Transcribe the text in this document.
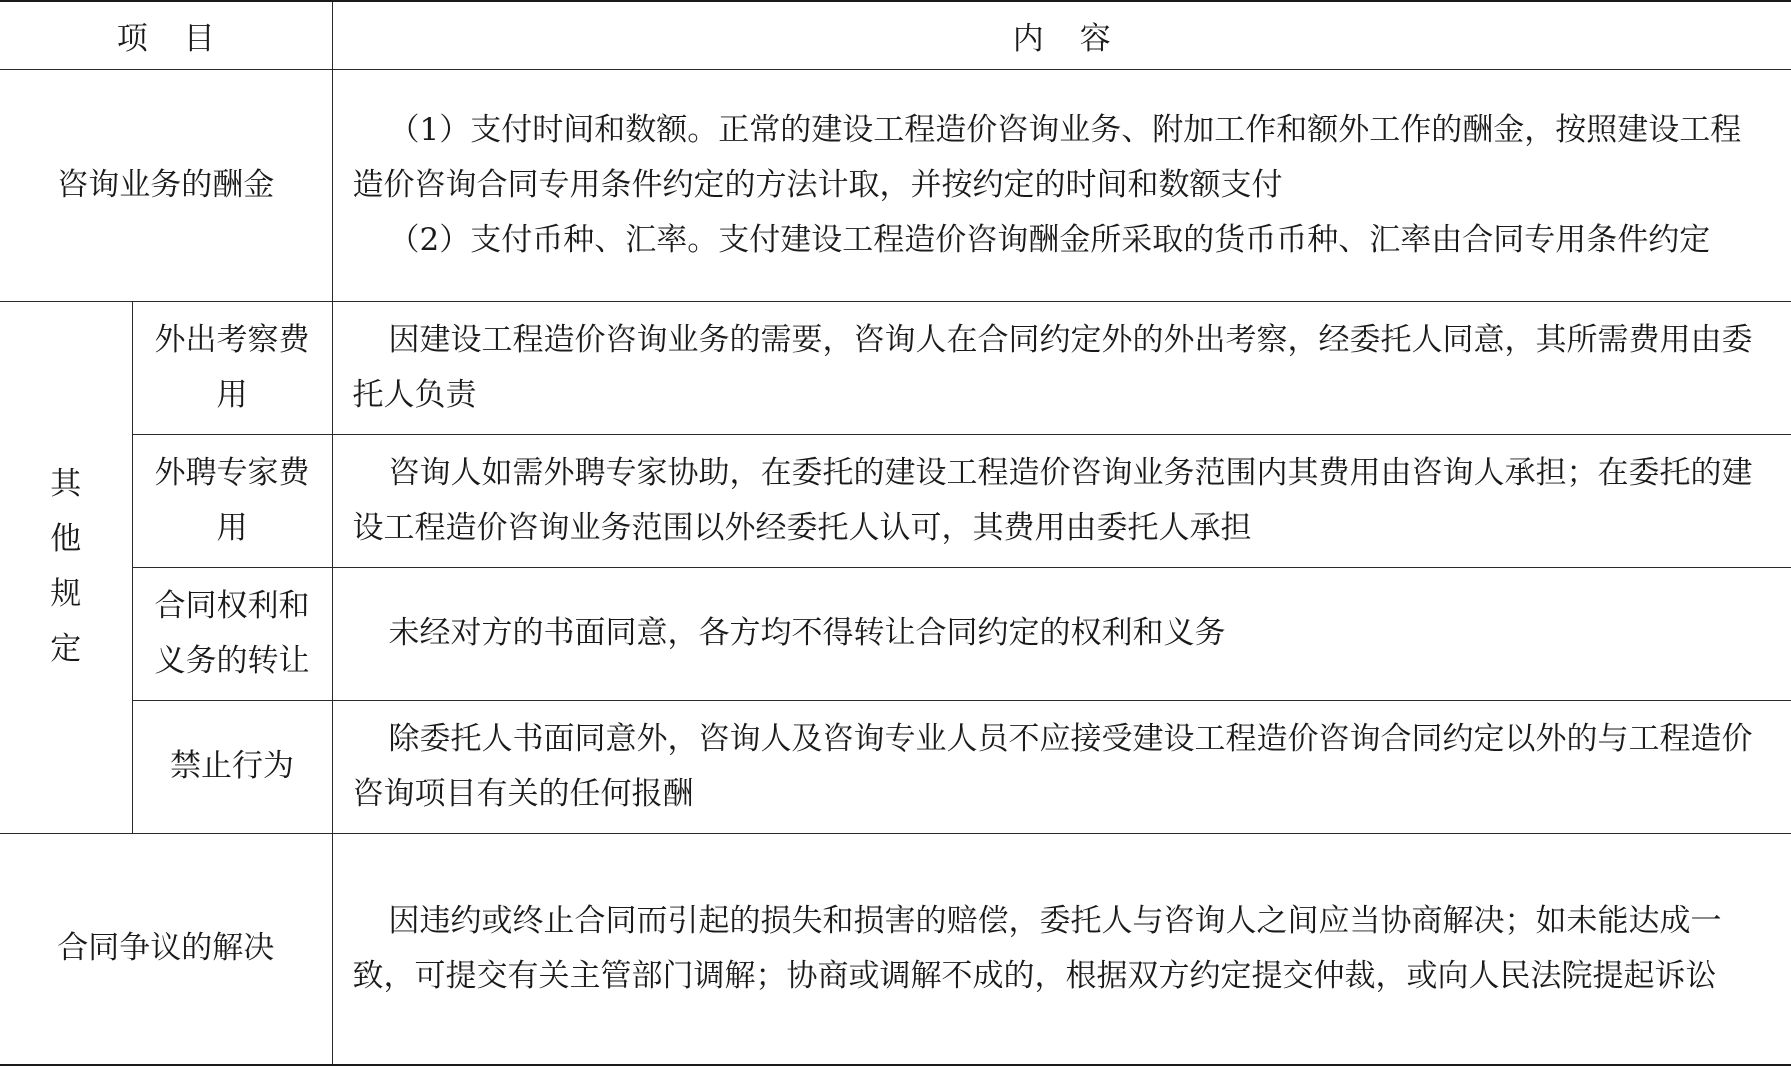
项目		内容
咨询业务的酬金		（1）支付时间和数额。正常的建设工程造价咨询业务、附加工作和额外工作的酬金，按照建设工程造价咨询合同专用条件约定的方法计取，并按约定的时间和数额支付

（2）支付币种、汇率。支付建设工程造价咨询酬金所采取的货币币种、汇率由合同专用条件约定

其他规定	外出考察费用	因建设工程造价咨询业务的需要，咨询人在合同约定外的外出考察，经委托人同意，其所需费用由委托人负责

	外聘专家费用	咨询人如需外聘专家协助，在委托的建设工程造价咨询业务范围内其费用由咨询人承担；在委托的建设工程造价咨询业务范围以外经委托人认可，其费用由委托人承担

	合同权利和义务的转让	未经对方的书面同意，各方均不得转让合同约定的权利和义务

	禁止行为	除委托人书面同意外，咨询人及咨询专业人员不应接受建设工程造价咨询合同约定以外的与工程造价咨询项目有关的任何报酬

合同争议的解决		因违约或终止合同而引起的损失和损害的赔偿，委托人与咨询人之间应当协商解决；如未能达成一致，可提交有关主管部门调解；协商或调解不成的，根据双方约定提交仲裁，或向人民法院提起诉讼
